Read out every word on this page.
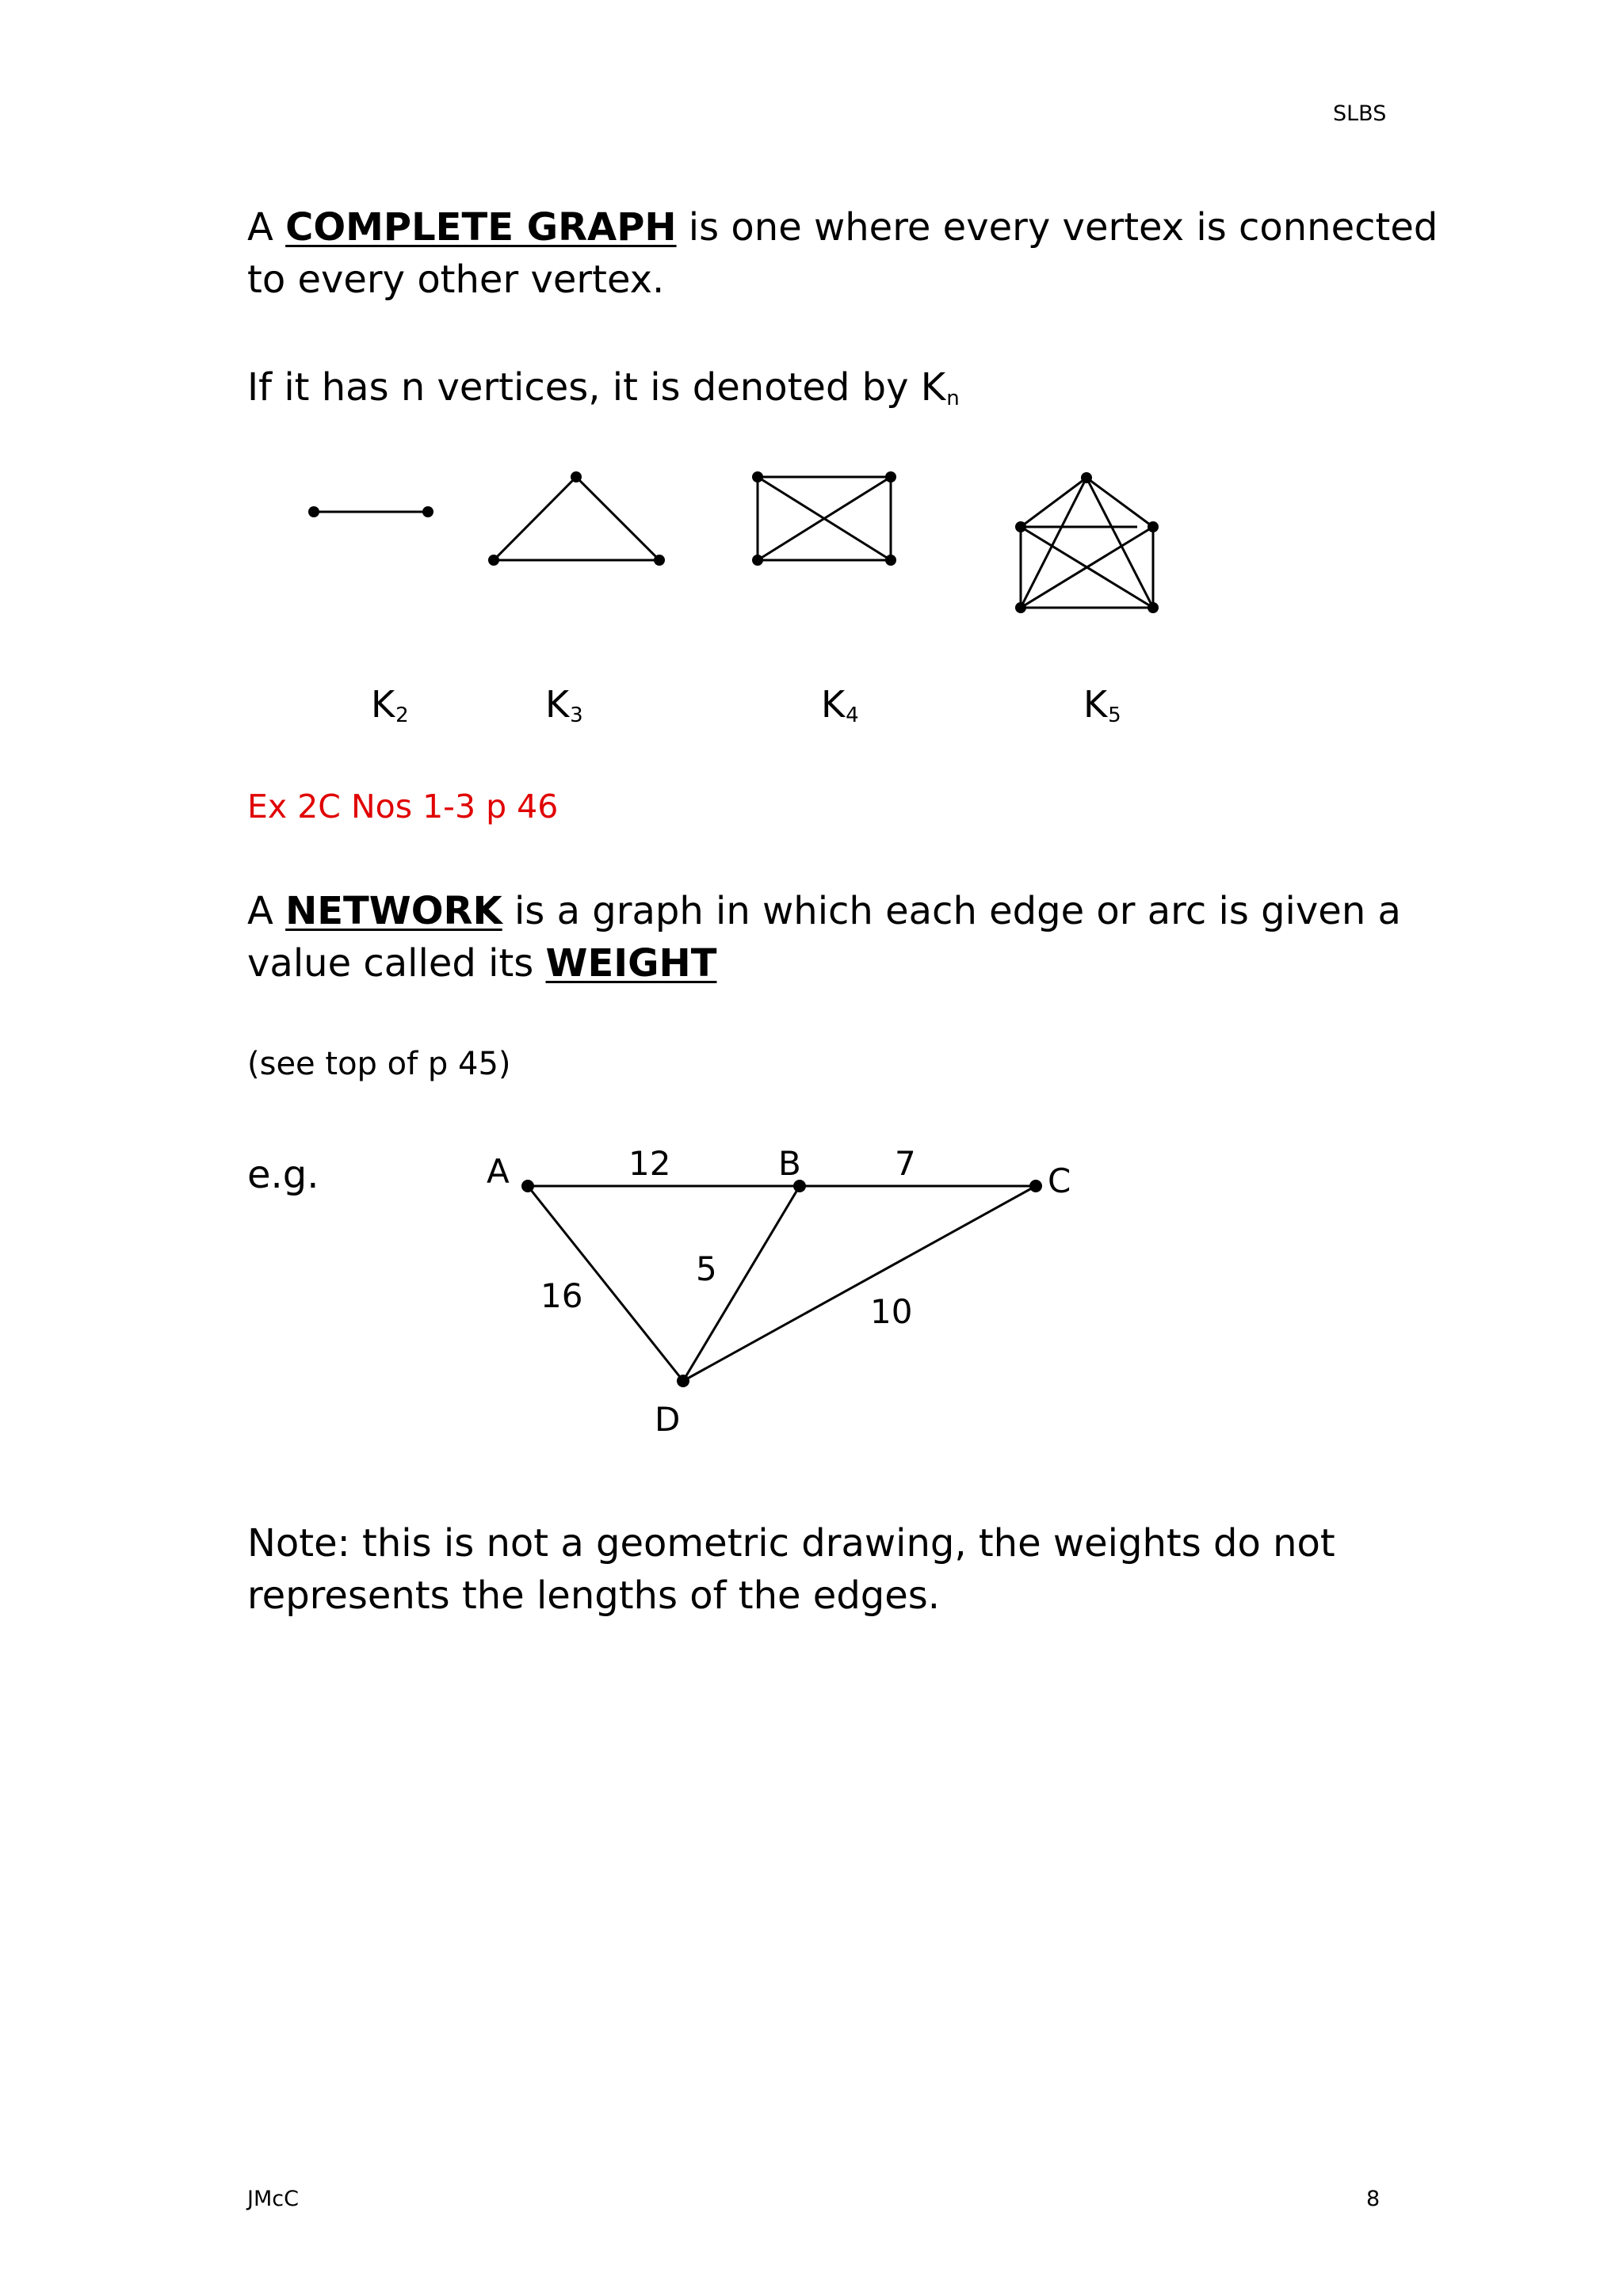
SLBS
A COMPLETE GRAPH is one where every vertex is connected
to every other vertex.
If it has n vertices, it is denoted by $K_n$
$K_2$	$K_3$	$K_4$	$K_5$
Ex 2C Nos 1-3 p 46
A NETWORK is a graph in which each edge or arc is given a
value called its WEIGHT
(see top of p 45)
e.g.	A	B	C
D
12	7
16
5
10
Note: this is not a geometric drawing, the weights do not
represents the lengths of the edges.
JMcC	8
